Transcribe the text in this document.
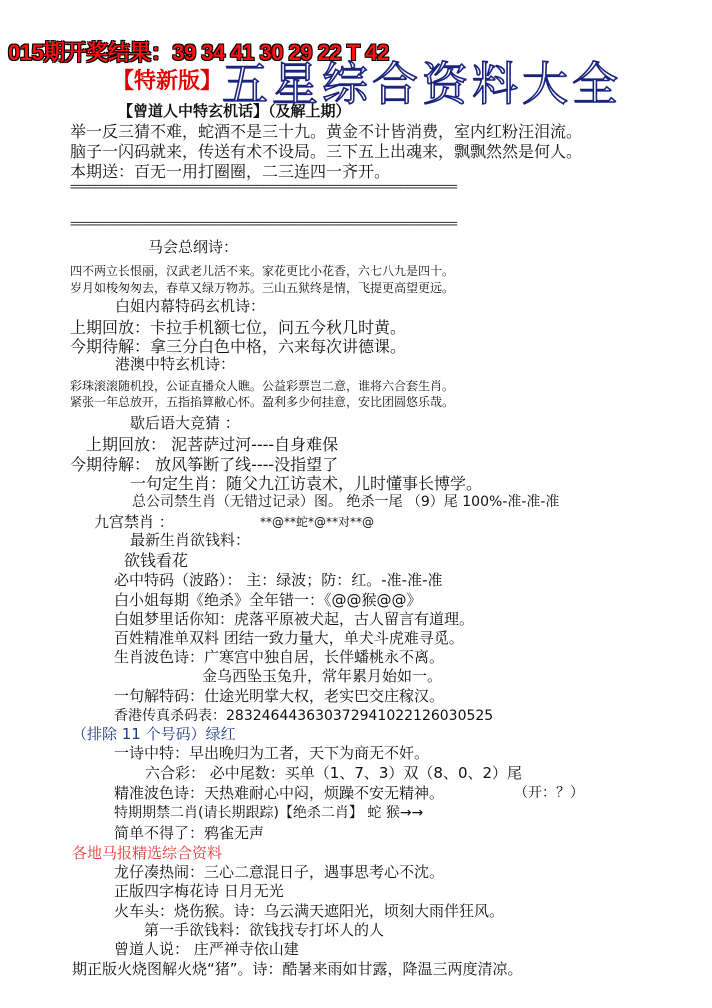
015期开奖结果：39 34 41 30 29 22 T 42
【特新版】 五星综合资料大全
【曾道人中特玄机话】（及解上期）
举一反三猜不难，蛇酒不是三十九。黄金不计皆消费，室内红粉汪泪流。
脑子一闪码就来，传送有术不设局。三下五上出魂来，飘飘然然是何人。
本期送：百无一用打圈圈，二三连四一齐开。
==============================================================
==============================================================
马会总纲诗：
四不两立长恨丽，汉武老儿活不来。家花更比小花香，六七八九是四十。
岁月如梭匆匆去，春草又绿万物苏。三山五狱终是情，飞提更高望更远。
白姐内幕特码玄机诗：
上期回放：卡拉手机额七位，问五今秋几时黄。
今期待解：拿三分白色中格，六来每次讲德课。
港澳中特玄机诗：
彩珠滚滚随机投，公证直播众人瞧。公益彩票岂二意，谁将六合套生肖。
紧张一年总放开，五指掐算敝心怀。盈利多少何挂意，安比团圆悠乐哉。
歇后语大竞猜 ：
上期回放： 泥菩萨过河----自身难保
今期待解： 放风筝断了线----没指望了
一句定生肖：随父九江访袁术，儿时懂事长博学。
总公司禁生肖（无错过记录）图。 绝杀一尾 （9）尾 100%-准-准-准
九宫禁肖 ：	**@**蛇*@**对**@
最新生肖欲钱料：
欲钱看花
必中特码（波路）： 主：绿波；防：红。-准-准-准
白小姐每期《绝杀》全年错一：《@@猴@@》
白姐梦里话你知：虎落平原被犬起，古人留言有道理。
百姓精准单双料 团结一致力量大，单犬斗虎难寻觅。
生肖波色诗：广寒宫中独自居，长伴蟠桃永不离。
金乌西坠玉兔升，常年累月始如一。
一句解特码：仕途光明掌大权，老实巴交庄稼汉。
香港传真杀码表：28324644363037294102212603052​5
（排除 11 个号码）绿红
一诗中特：早出晚归为工者，天下为商无不奸。
六合彩： 必中尾数：买单（1、7、3）双（8、0、2）尾
精准波色诗：天热难耐心中闷，烦躁不安无精神。	（开：？）
特期期禁二肖(请长期跟踪)【绝杀二肖】 蛇 猴→→
简单不得了：鸦雀无声
各地马报精选综合资料
龙仔凑热闹：三心二意混日子，遇事思考心不沈。
正版四字梅花诗 日月无光
火车头：烧伤猴。诗：乌云满天遮阳光，顷刻大雨伴狂风。
第一手欲钱料：欲钱找专打坏人的人
曾道人说： 庄严禅寺依山建
期正版火烧图解火烧“猪”。诗：酷暑来雨如甘露，降温三两度清凉。
